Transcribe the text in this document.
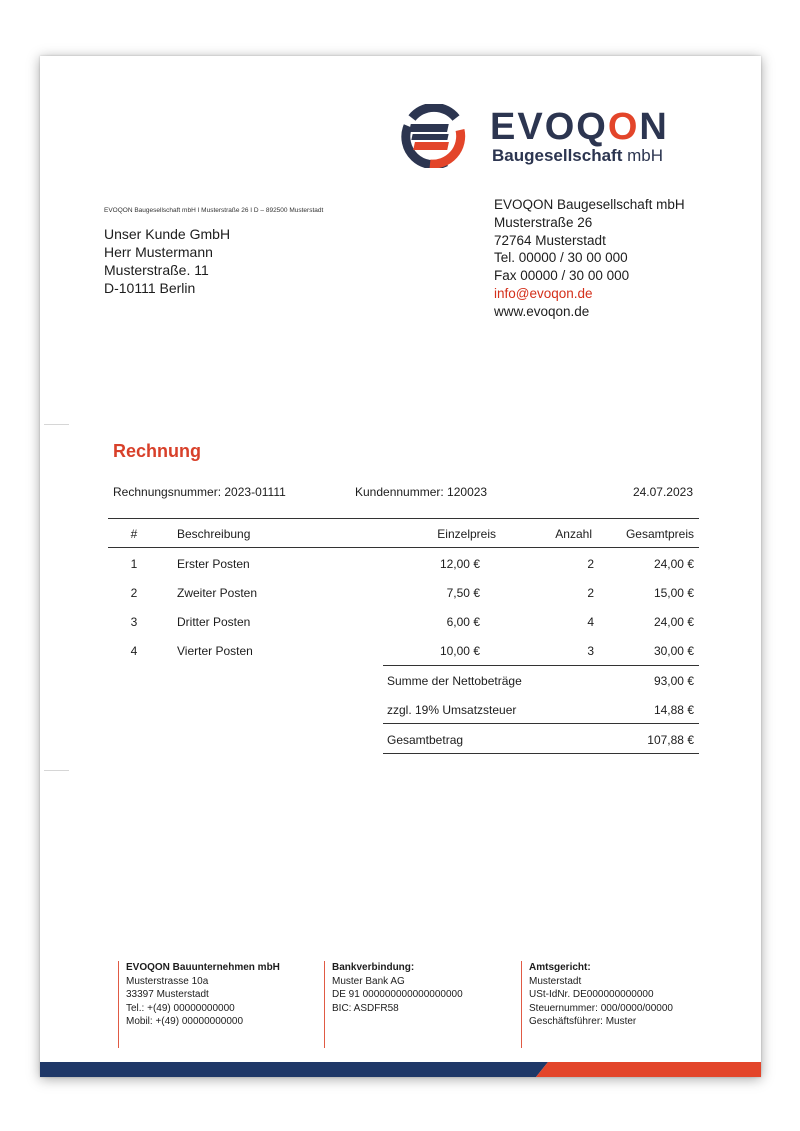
EVOQON
Baugesellschaft mbH
EVOQON Baugesellschaft mbH I Musterstraße 26 I D – 892500 Musterstadt
Unser Kunde GmbH
Herr Mustermann
Musterstraße. 11
D-10111 Berlin
EVOQON Baugesellschaft mbH
Musterstraße 26
72764 Musterstadt
Tel. 00000 / 30 00 000
Fax 00000 / 30 00 000
info@evoqon.de
www.evoqon.de
Rechnung
Rechnungsnummer: 2023-01111	Kundennummer: 120023	24.07.2023
#	Beschreibung	Einzelpreis	Anzahl	Gesamtpreis
1	Erster Posten	12,00 €	2	24,00 €
2	Zweiter Posten	7,50 €	2	15,00 €
3	Dritter Posten	6,00 €	4	24,00 €
4	Vierter Posten	10,00 €	3	30,00 €
Summe der Nettobeträge	93,00 €
zzgl. 19% Umsatzsteuer	14,88 €
Gesamtbetrag	107,88 €
EVOQON Bauunternehmen mbH
Musterstrasse 10a
33397 Musterstadt
Tel.: +(49) 00000000000
Mobil: +(49) 00000000000
Bankverbindung:
Muster Bank AG
DE 91 000000000000000000
BIC: ASDFR58
Amtsgericht:
Musterstadt
USt-IdNr. DE000000000000
Steuernummer: 000/0000/00000
Geschäftsführer: Muster
